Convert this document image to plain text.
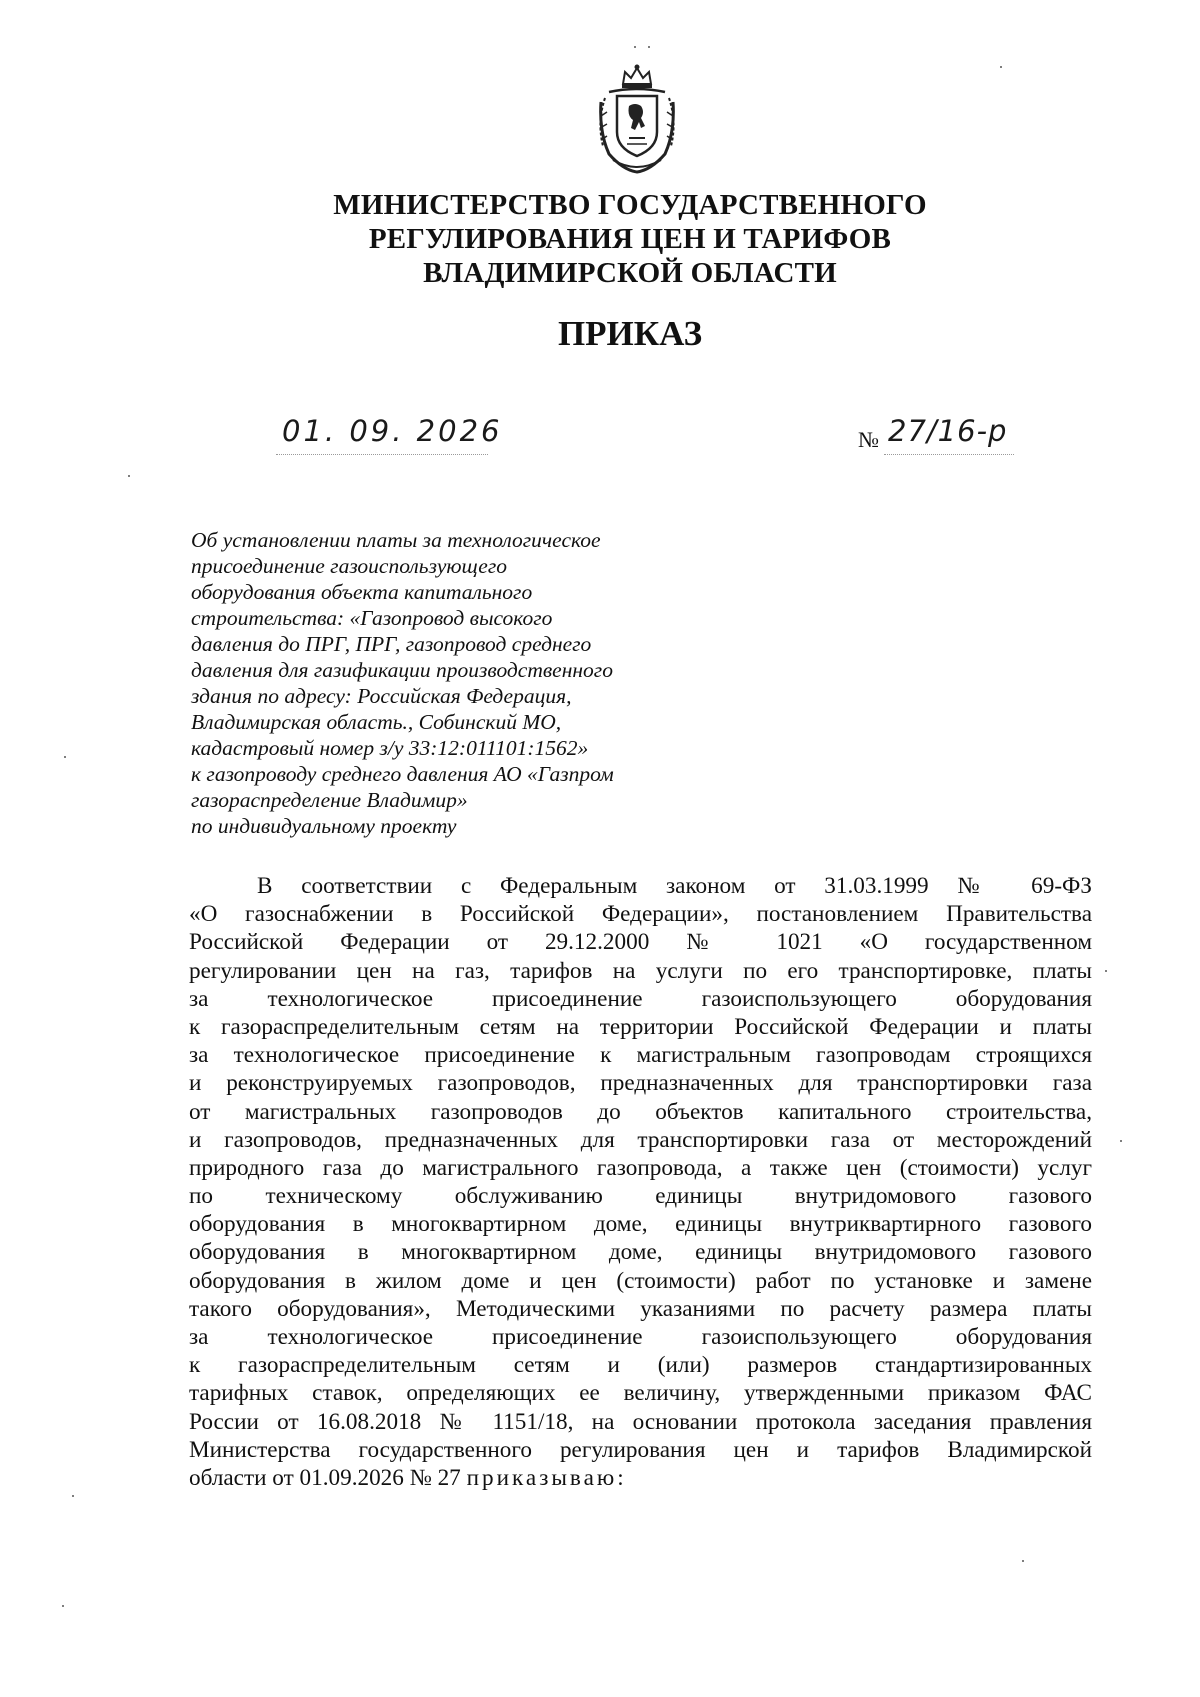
МИНИСТЕРСТВО ГОСУДАРСТВЕННОГО
РЕГУЛИРОВАНИЯ ЦЕН И ТАРИФОВ
ВЛАДИМИРСКОЙ ОБЛАСТИ
ПРИКАЗ
01. 09. 2026	№ 27/16-р
Об установлении платы за технологическое
присоединение газоиспользующего
оборудования объекта капитального
строительства: «Газопровод высокого
давления до ПРГ, ПРГ, газопровод среднего
давления для газификации производственного
здания по адресу: Российская Федерация,
Владимирская область., Собинский МО,
кадастровый номер з/у 33:12:011101:1562»
к газопроводу среднего давления АО «Газпром
газораспределение Владимир»
по индивидуальному проекту
В соответствии с Федеральным законом от 31.03.1999 № 69-ФЗ
«О газоснабжении в Российской Федерации», постановлением Правительства
Российской Федерации от 29.12.2000 № 1021 «О государственном
регулировании цен на газ, тарифов на услуги по его транспортировке, платы
за технологическое присоединение газоиспользующего оборудования
к газораспределительным сетям на территории Российской Федерации и платы
за технологическое присоединение к магистральным газопроводам строящихся
и реконструируемых газопроводов, предназначенных для транспортировки газа
от магистральных газопроводов до объектов капитального строительства,
и газопроводов, предназначенных для транспортировки газа от месторождений
природного газа до магистрального газопровода, а также цен (стоимости) услуг
по техническому обслуживанию единицы внутридомового газового
оборудования в многоквартирном доме, единицы внутриквартирного газового
оборудования в многоквартирном доме, единицы внутридомового газового
оборудования в жилом доме и цен (стоимости) работ по установке и замене
такого оборудования», Методическими указаниями по расчету размера платы
за технологическое присоединение газоиспользующего оборудования
к газораспределительным сетям и (или) размеров стандартизированных
тарифных ставок, определяющих ее величину, утвержденными приказом ФАС
России от 16.08.2018 № 1151/18, на основании протокола заседания правления
Министерства государственного регулирования цен и тарифов Владимирской
области от 01.09.2026 № 27 приказываю:
